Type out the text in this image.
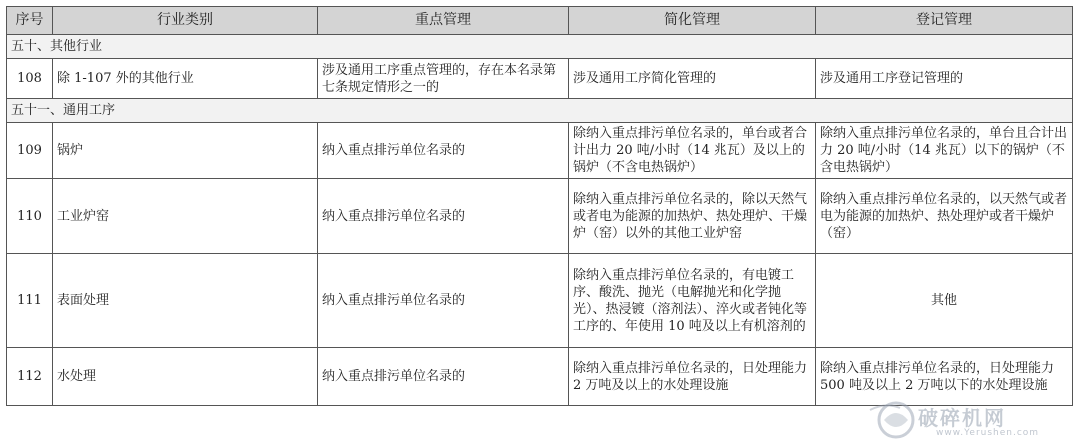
序号	行业类别	重点管理	简化管理	登记管理
五十、其他行业				
108	除 1-107 外的其他行业	涉及通用工序重点管理的，存在本名录第七条规定情形之一的	涉及通用工序简化管理的	涉及通用工序登记管理的
五十一、通用工序				
109	锅炉	纳入重点排污单位名录的	除纳入重点排污单位名录的，单台或者合计出力 20 吨/小时（14 兆瓦）及以上的锅炉（不含电热锅炉）	除纳入重点排污单位名录的，单台且合计出力 20 吨/小时（14 兆瓦）以下的锅炉（不含电热锅炉）
110	工业炉窑	纳入重点排污单位名录的	除纳入重点排污单位名录的，除以天然气或者电为能源的加热炉、热处理炉、干燥炉（窑）以外的其他工业炉窑	除纳入重点排污单位名录的，以天然气或者电为能源的加热炉、热处理炉或者干燥炉（窑）
111	表面处理	纳入重点排污单位名录的	除纳入重点排污单位名录的，有电镀工序、酸洗、抛光（电解抛光和化学抛光）、热浸镀（溶剂法）、淬火或者钝化等工序的、年使用 10 吨及以上有机溶剂的	其他
112	水处理	纳入重点排污单位名录的	除纳入重点排污单位名录的，日处理能力 2 万吨及以上的水处理设施	除纳入重点排污单位名录的，日处理能力 500 吨及以上 2 万吨以下的水处理设施
破碎机网
www.Yerushen.com
